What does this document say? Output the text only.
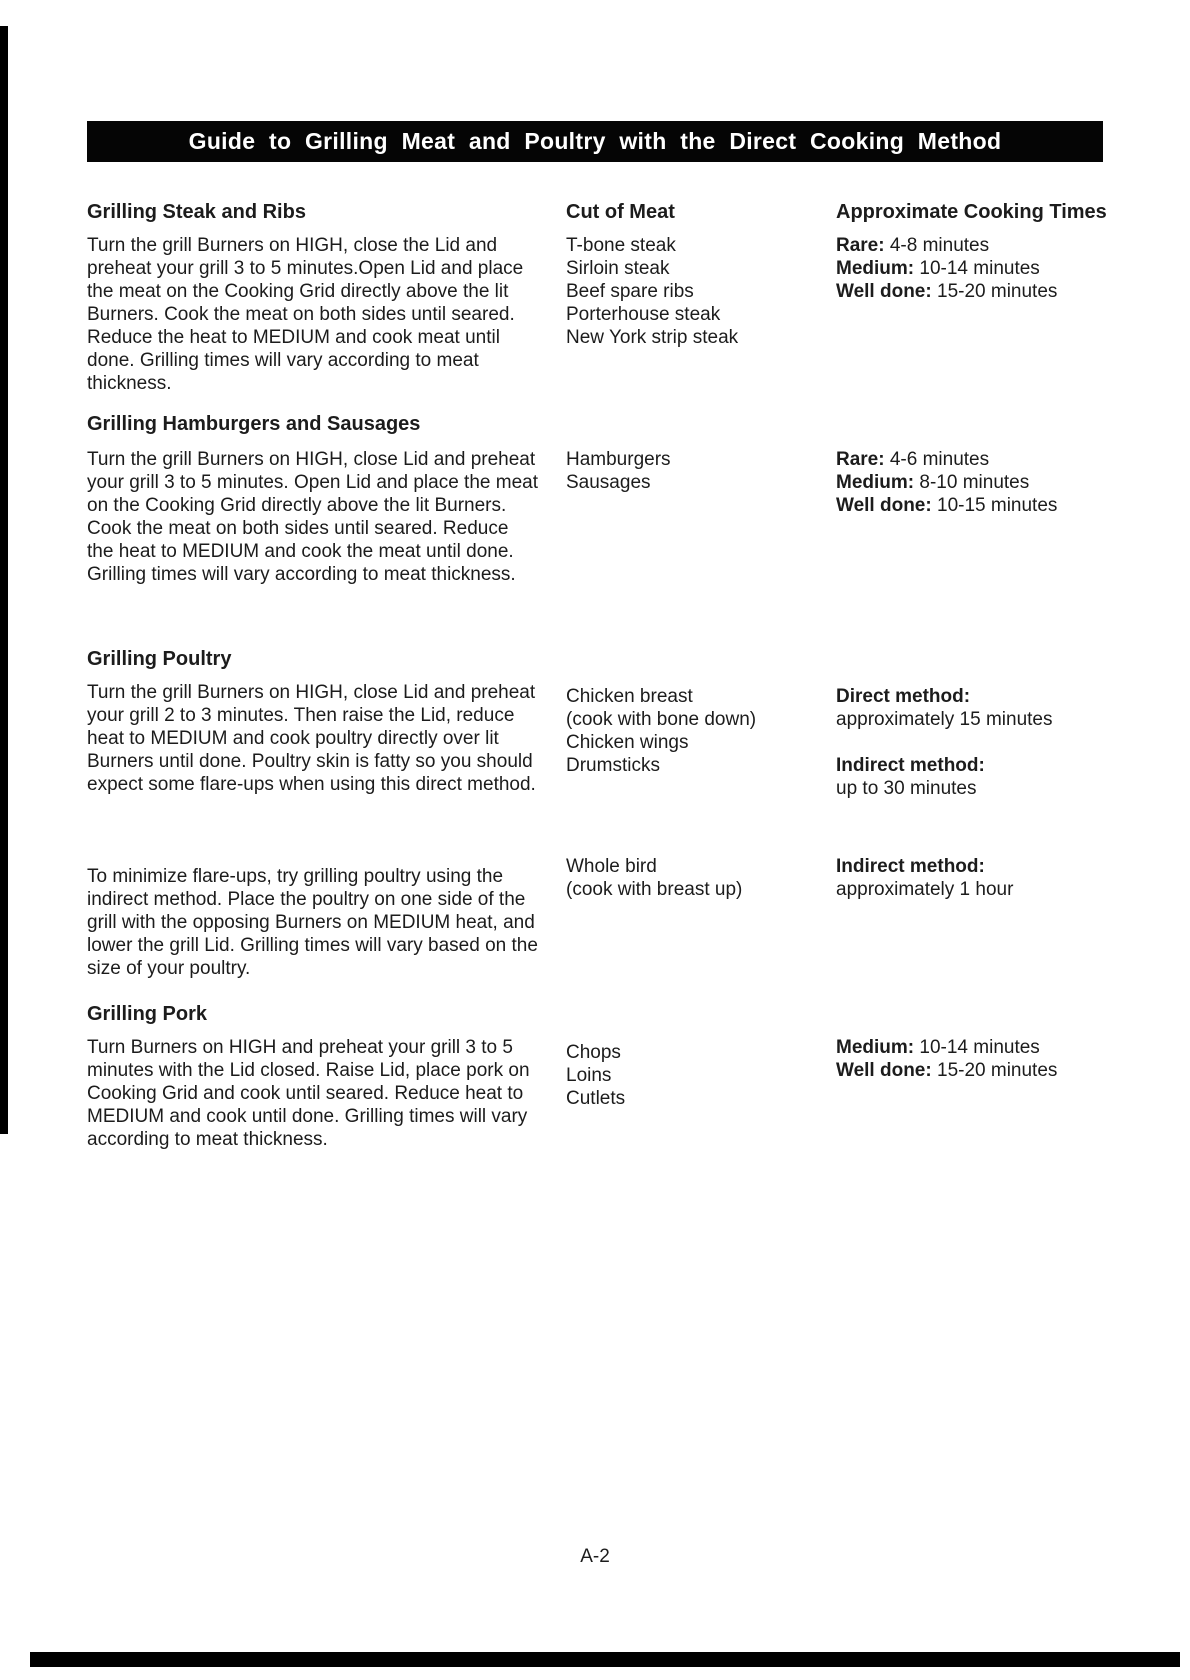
Guide to Grilling Meat and Poultry with the Direct Cooking Method
Grilling Steak and Ribs
Turn the grill Burners on HIGH, close the Lid and preheat your grill 3 to 5 minutes.Open Lid and place the meat on the Cooking Grid directly above the lit Burners. Cook the meat on both sides until seared. Reduce the heat to MEDIUM and cook meat until done. Grilling times will vary according to meat thickness.
Grilling Hamburgers and Sausages
Turn the grill Burners on HIGH, close Lid and preheat your grill 3 to 5 minutes. Open Lid and place the meat on the Cooking Grid directly above the lit Burners. Cook the meat on both sides until seared. Reduce the heat to MEDIUM and cook the meat until done. Grilling times will vary according to meat thickness.
Grilling Poultry
Turn the grill Burners on HIGH, close Lid and preheat your grill 2 to 3 minutes. Then raise the Lid, reduce heat to MEDIUM and cook poultry directly over lit Burners until done. Poultry skin is fatty so you should expect some flare-ups when using this direct method.
To minimize flare-ups, try grilling poultry using the indirect method. Place the poultry on one side of the grill with the opposing Burners on MEDIUM heat, and lower the grill Lid. Grilling times will vary based on the size of your poultry.
Grilling Pork
Turn Burners on HIGH and preheat your grill 3 to 5 minutes with the Lid closed. Raise Lid, place pork on Cooking Grid and cook until seared. Reduce heat to MEDIUM and cook until done. Grilling times will vary according to meat thickness.
Cut of Meat
T-bone steak
Sirloin steak
Beef spare ribs
Porterhouse steak
New York strip steak
Hamburgers
Sausages
Chicken breast
(cook with bone down)
Chicken wings
Drumsticks
Whole bird
(cook with breast up)
Chops
Loins
Cutlets
Approximate Cooking Times
Rare: 4-8 minutes
Medium: 10-14 minutes
Well done: 15-20 minutes
Rare: 4-6 minutes
Medium: 8-10 minutes
Well done: 10-15 minutes
Direct method:
approximately 15 minutes
Indirect method:
up to 30 minutes
Indirect method:
approximately 1 hour
Medium: 10-14 minutes
Well done: 15-20 minutes
A-2
